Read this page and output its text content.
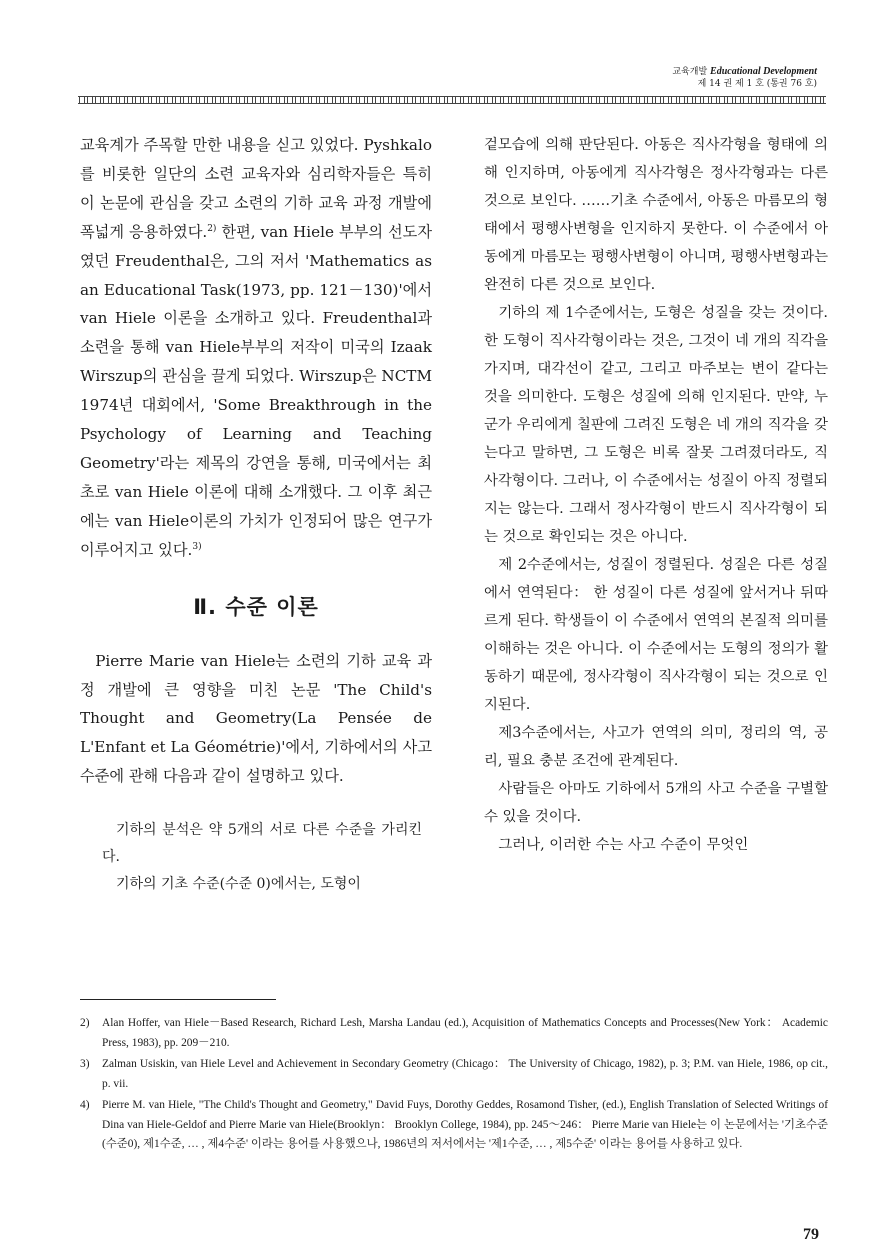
교육개발 Educational Development
제 14 권 제 1 호 (통권 76 호)

교육계가 주목할 만한 내용을 싣고 있었다. Pyshkalo를 비롯한 일단의 소련 교육자와 심리학자들은 특히 이 논문에 관심을 갖고 소련의 기하 교육 과정 개발에 폭넓게 응용하였다.$^{2)}$ 한편, van Hiele 부부의 선도자였던 Freudenthal은, 그의 저서 'Mathematics as an Educational Task(1973, pp. 121－130)'에서 van Hiele 이론을 소개하고 있다. Freudenthal과 소련을 통해 van Hiele부부의 저작이 미국의 Izaak Wirszup의 관심을 끌게 되었다. Wirszup은 NCTM 1974년 대회에서, 'Some Breakthrough in the Psychology of Learning and Teaching Geometry'라는 제목의 강연을 통해, 미국에서는 최초로 van Hiele 이론에 대해 소개했다. 그 이후 최근에는 van Hiele이론의 가치가 인정되어 많은 연구가 이루어지고 있다.$^{3)}$

Ⅱ. 수준 이론

Pierre Marie van Hiele는 소련의 기하 교육 과정 개발에 큰 영향을 미친 논문 'The Child's Thought and Geometry(La Pensée de L'Enfant et La Géométrie)'에서, 기하에서의 사고 수준에 관해 다음과 같이 설명하고 있다.

기하의 분석은 약 5개의 서로 다른 수준을 가리킨다.

기하의 기초 수준(수준 0)에서는, 도형이

겉모습에 의해 판단된다. 아동은 직사각형을 형태에 의해 인지하며, 아동에게 직사각형은 정사각형과는 다른 것으로 보인다. ……기초 수준에서, 아동은 마름모의 형태에서 평행사변형을 인지하지 못한다. 이 수준에서 아동에게 마름모는 평행사변형이 아니며, 평행사변형과는 완전히 다른 것으로 보인다.

기하의 제 1수준에서는, 도형은 성질을 갖는 것이다. 한 도형이 직사각형이라는 것은, 그것이 네 개의 직각을 가지며, 대각선이 같고, 그리고 마주보는 변이 같다는 것을 의미한다. 도형은 성질에 의해 인지된다. 만약, 누군가 우리에게 칠판에 그려진 도형은 네 개의 직각을 갖는다고 말하면, 그 도형은 비록 잘못 그려졌더라도, 직사각형이다. 그러나, 이 수준에서는 성질이 아직 정렬되지는 않는다. 그래서 정사각형이 반드시 직사각형이 되는 것으로 확인되는 것은 아니다.

제 2수준에서는, 성질이 정렬된다. 성질은 다른 성질에서 연역된다： 한 성질이 다른 성질에 앞서거나 뒤따르게 된다. 학생들이 이 수준에서 연역의 본질적 의미를 이해하는 것은 아니다. 이 수준에서는 도형의 정의가 활동하기 때문에, 정사각형이 직사각형이 되는 것으로 인지된다.

제3수준에서는, 사고가 연역의 의미, 정리의 역, 공리, 필요 충분 조건에 관계된다.

사람들은 아마도 기하에서 5개의 사고 수준을 구별할 수 있을 것이다.

그러나, 이러한 수는 사고 수준이 무엇인

2)	Alan Hoffer, van Hiele－Based Research, Richard Lesh, Marsha Landau (ed.), Acquisition of Mathematics Concepts and Processes(New York： Academic Press, 1983), pp. 209－210.
3)	Zalman Usiskin, van Hiele Level and Achievement in Secondary Geometry (Chicago： The University of Chicago, 1982), p. 3; P.M. van Hiele, 1986, op cit., p. vii.
4)	Pierre M. van Hiele, "The Child's Thought and Geometry," David Fuys, Dorothy Geddes, Rosamond Tisher, (ed.), English Translation of Selected Writings of Dina van Hiele-Geldof and Pierre Marie van Hiele(Brooklyn： Brooklyn College, 1984), pp. 245～246： Pierre Marie van Hiele는 이 논문에서는 '기초수준(수준0), 제1수준, … , 제4수준' 이라는 용어를 사용했으나, 1986년의 저서에서는 '제1수준, … , 제5수준' 이라는 용어를 사용하고 있다.
79
